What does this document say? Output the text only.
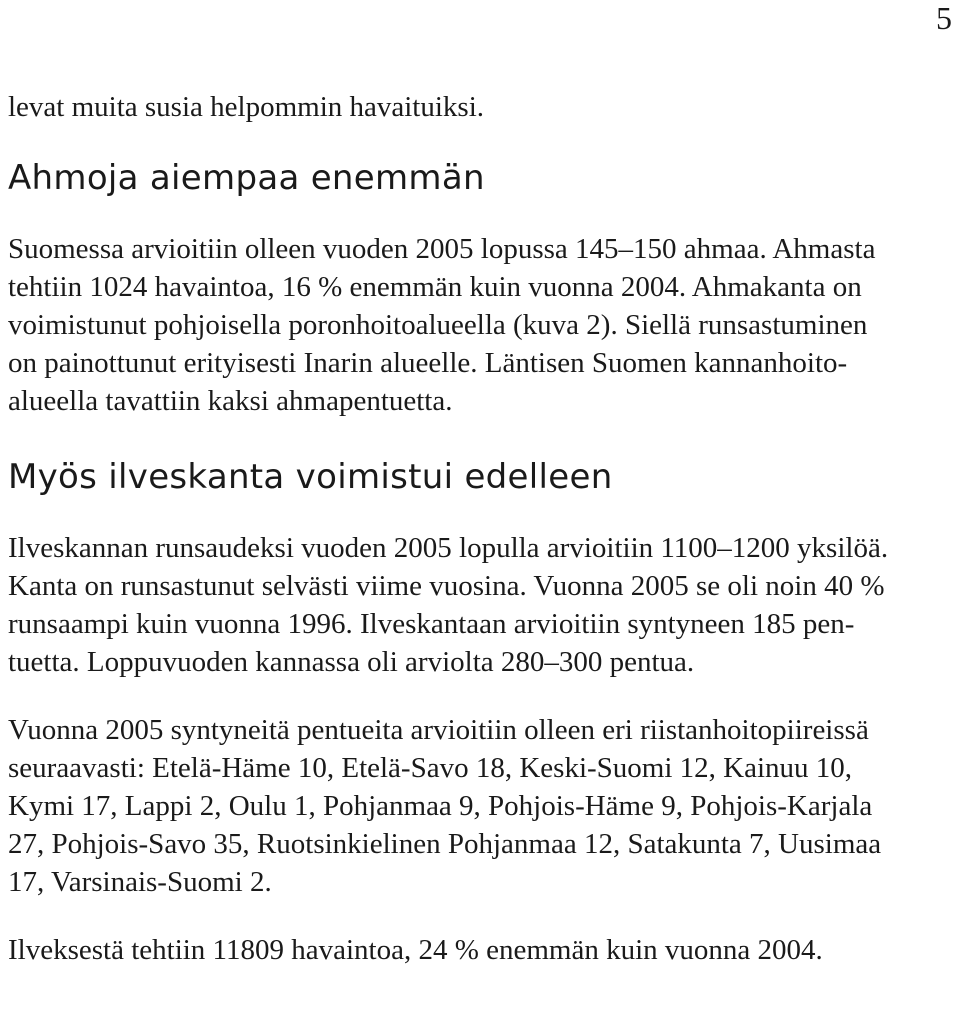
5
levat muita susia helpommin havaituiksi.
Ahmoja aiempaa enemmän
Suomessa arvioitiin olleen vuoden 2005 lopussa 145–150 ahmaa. Ahmasta
tehtiin 1024 havaintoa, 16 % enemmän kuin vuonna 2004. Ahmakanta on
voimistunut pohjoisella poronhoitoalueella (kuva 2). Siellä runsastuminen
on painottunut erityisesti Inarin alueelle. Läntisen Suomen kannanhoito-
alueella tavattiin kaksi ahmapentuetta.
Myös ilveskanta voimistui edelleen
Ilveskannan runsaudeksi vuoden 2005 lopulla arvioitiin 1100–1200 yksilöä.
Kanta on runsastunut selvästi viime vuosina. Vuonna 2005 se oli noin 40 %
runsaampi kuin vuonna 1996. Ilveskantaan arvioitiin syntyneen 185 pen-
tuetta. Loppuvuoden kannassa oli arviolta 280–300 pentua.
Vuonna 2005 syntyneitä pentueita arvioitiin olleen eri riistanhoitopiireissä
seuraavasti: Etelä-Häme 10, Etelä-Savo 18, Keski-Suomi 12, Kainuu 10,
Kymi 17, Lappi 2, Oulu 1, Pohjanmaa 9, Pohjois-Häme 9, Pohjois-Karjala
27, Pohjois-Savo 35, Ruotsinkielinen Pohjanmaa 12, Satakunta 7, Uusimaa
17, Varsinais-Suomi 2.
Ilveksestä tehtiin 11809 havaintoa, 24 % enemmän kuin vuonna 2004.
